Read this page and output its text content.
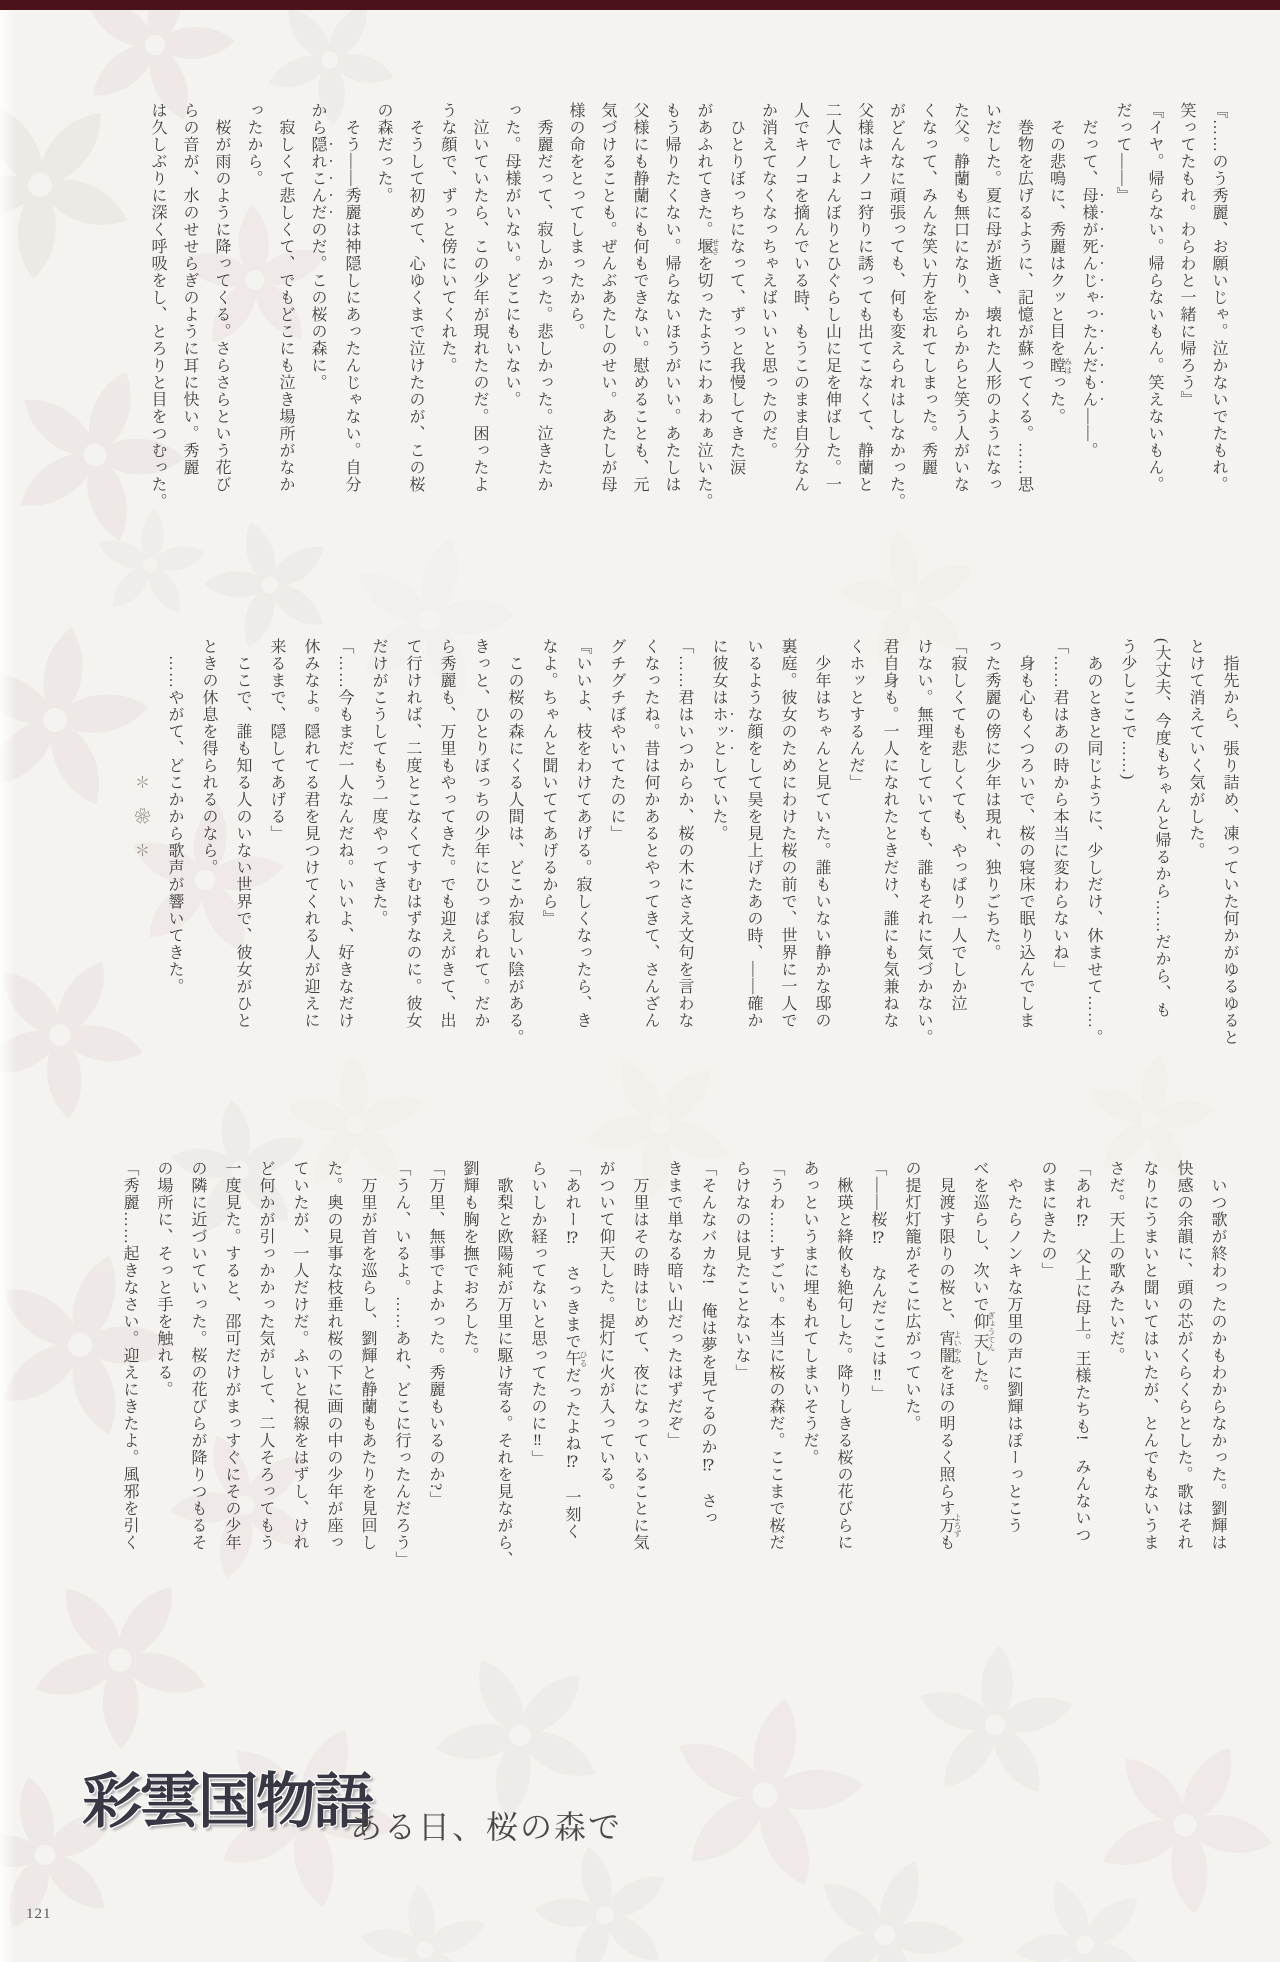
『……のう秀麗、お願いじゃ。泣かないでたもれ。
笑ってたもれ。わらわと一緒に帰ろう』
『イヤ。帰らない。帰らないもん。笑えないもん。
だって――』
　だって、母様が死んじゃったんだもん――。
　その悲鳴に、秀麗はクッと目を瞠 みはった。
　巻物を広げるように、記憶が蘇ってくる。……思
いだした。夏に母が逝き、壊れた人形のようになっ
た父。静蘭も無口になり、からからと笑う人がいな
くなって、みんな笑い方を忘れてしまった。秀麗
がどんなに頑張っても、何も変えられはしなかった。
父様はキノコ狩りに誘っても出てこなくて、静蘭と
二人でしょんぼりとひぐらし山に足を伸ばした。一
人でキノコを摘んでいる時、もうこのまま自分なん
か消えてなくなっちゃえばいいと思ったのだ。
　ひとりぼっちになって、ずっと我慢してきた涙
があふれてきた。堰 せきを切ったようにわぁわぁ泣いた。
もう帰りたくない。帰らないほうがいい。あたしは
父様にも静蘭にも何もできない。慰めることも、元
気づけることも。ぜんぶあたしのせい。あたしが母
様の命をとってしまったから。
　秀麗だって、寂しかった。悲しかった。泣きたか
った。母様がいない。どこにもいない。
　泣いていたら、この少年が現れたのだ。困ったよ
うな顔で、ずっと傍にいてくれた。
　そうして初めて、心ゆくまで泣けたのが、この桜
の森だった。
　そう――秀麗は神隠しにあったんじゃない。自分
から隠れこんだのだ。この桜の森に。
　寂しくて悲しくて、でもどこにも泣き場所がなか
ったから。
　桜が雨のように降ってくる。さらさらという花び
らの音が、水のせせらぎのように耳に快い。秀麗
は久しぶりに深く呼吸をし、とろりと目をつむった。
　指先から、張り詰め、凍っていた何かがゆるゆると
とけて消えていく気がした。
(大丈夫、今度もちゃんと帰るから……だから、も
う少しここで……)
　あのときと同じように、少しだけ、休ませて……。
「……君はあの時から本当に変わらないね」
　身も心もくつろいで、桜の寝床で眠り込んでしま
った秀麗の傍に少年は現れ、独りごちた。
「寂しくても悲しくても、やっぱり一人でしか泣
けない。無理をしていても、誰もそれに気づかない。
君自身も。一人になれたときだけ、誰にも気兼ねな
くホッとするんだ」
　少年はちゃんと見ていた。誰もいない静かな邸の
裏庭。彼女のためにわけた桜の前で、世界に一人で
いるような顔をして昊を見上げたあの時、――確か
に彼女はホッとしていた。
「……君はいつからか、桜の木にさえ文句を言わな
くなったね。昔は何かあるとやってきて、さんざん
グチグチぼやいてたのに」
『いいよ、枝をわけてあげる。寂しくなったら、き
なよ。ちゃんと聞いててあげるから』
　この桜の森にくる人間は、どこか寂しい陰がある。
きっと、ひとりぼっちの少年にひっぱられて。だか
ら秀麗も、万里もやってきた。でも迎えがきて、出
て行ければ、二度とこなくてすむはずなのに。彼女
だけがこうしてもう一度やってきた。
「……今もまだ一人なんだね。いいよ、好きなだけ
休みなよ。隠れてる君を見つけてくれる人が迎えに
来るまで、隠してあげる」
　ここで、誰も知る人のいない世界で、彼女がひと
ときの休息を得られるのなら。
　……やがて、どこかから歌声が響いてきた。
　　　　　　　　✽　❀　✽
　いつ歌が終わったのかもわからなかった。劉輝は
快感の余韻に、頭の芯がくらくらとした。歌はそれ
なりにうまいと聞いてはいたが、とんでもないうま
さだ。天上の歌みたいだ。
「あれ⁉　父上に母上。王様たちも!　みんないつ
のまにきたの」
　やたらノンキな万里の声に劉輝はぽーっとこう
べを巡らし、次いで仰天 ぎょうてんした。
　見渡す限りの桜と、宵闇 よいやみをほの明るく照らす万 よろずも
の提灯灯籠がそこに広がっていた。
「――桜⁉　なんだここは‼」
　楸瑛と絳攸も絶句した。降りしきる桜の花びらに
あっというまに埋もれてしまいそうだ。
「うわ……すごい。本当に桜の森だ。ここまで桜だ
らけなのは見たことないな」
「そんなバカな!　俺は夢を見てるのか⁉　さっ
きまで単なる暗い山だったはずだぞ」
　万里はその時はじめて、夜になっていることに気
がついて仰天した。提灯に火が入っている。
「あれー⁉　さっきまで午 ひるだったよね⁉　一刻く
らいしか経ってないと思ってたのに‼」
　歌梨と欧陽純が万里に駆け寄る。それを見ながら、
劉輝も胸を撫でおろした。
「万里、無事でよかった。秀麗もいるのか?」
「うん、いるよ。……あれ、どこに行ったんだろう」
　万里が首を巡らし、劉輝と静蘭もあたりを見回し
た。奥の見事な枝垂れ桜の下に画の中の少年が座っ
ていたが、一人だけだ。ふいと視線をはずし、けれ
ど何かが引っかかった気がして、二人そろってもう
一度見た。すると、邵可だけがまっすぐにその少年
の隣に近づいていった。桜の花びらが降りつもるそ
の場所に、そっと手を触れる。
「秀麗……起きなさい。迎えにきたよ。風邪を引く
彩雲国物語
ある日、桜の森で
121
